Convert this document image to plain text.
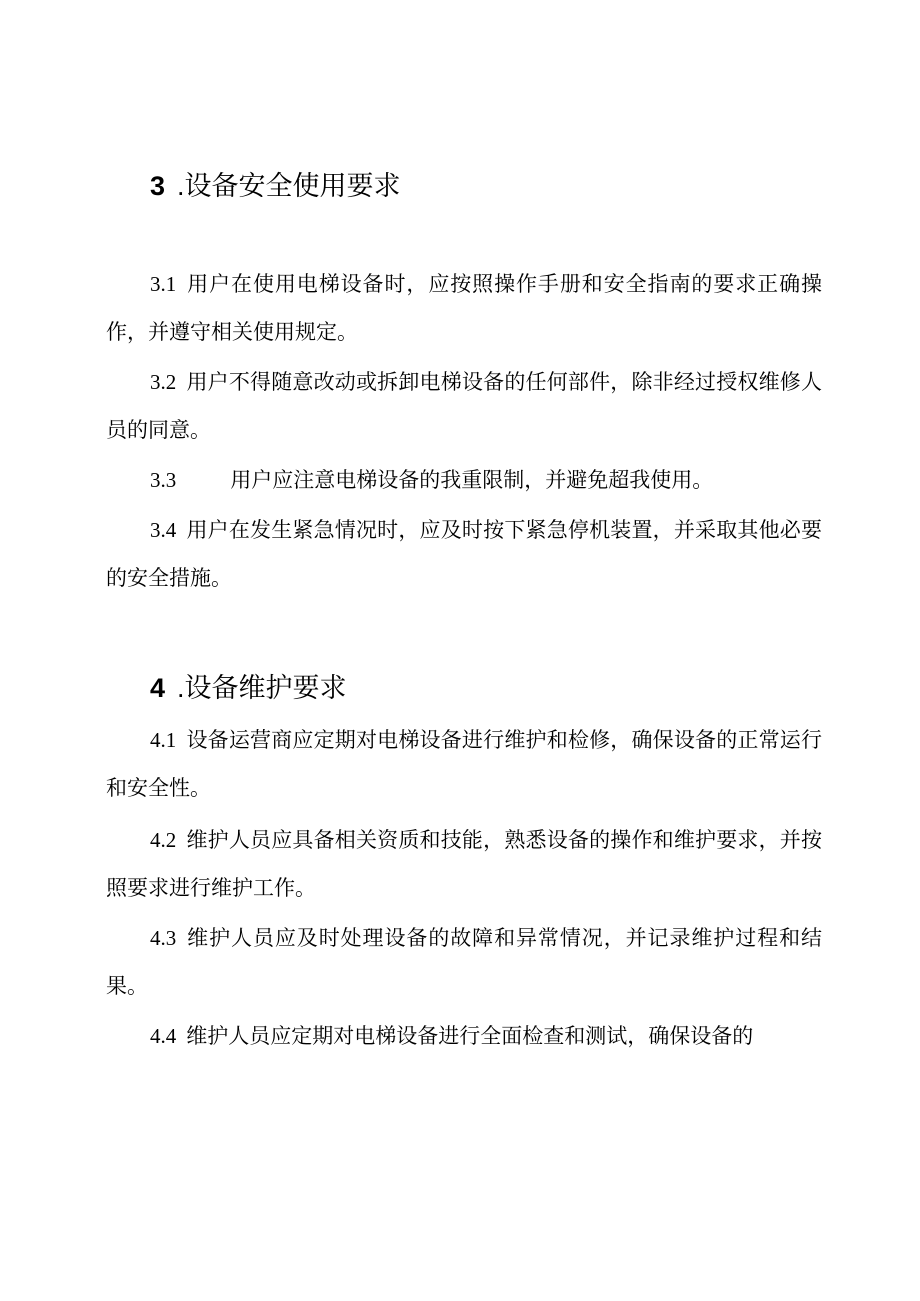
3 .设备安全使用要求

3.1 用户在使用电梯设备时，应按照操作手册和安全指南的要求正确操作，并遵守相关使用规定。

3.2 用户不得随意改动或拆卸电梯设备的任何部件，除非经过授权维修人员的同意。

3.3	用户应注意电梯设备的我重限制，并避免超我使用。

3.4 用户在发生紧急情况时，应及时按下紧急停机装置，并采取其他必要的安全措施。

4 .设备维护要求

4.1 设备运营商应定期对电梯设备进行维护和检修，确保设备的正常运行和安全性。

4.2 维护人员应具备相关资质和技能，熟悉设备的操作和维护要求，并按照要求进行维护工作。

4.3 维护人员应及时处理设备的故障和异常情况，并记录维护过程和结果。

4.4 维护人员应定期对电梯设备进行全面检查和测试，确保设备的
